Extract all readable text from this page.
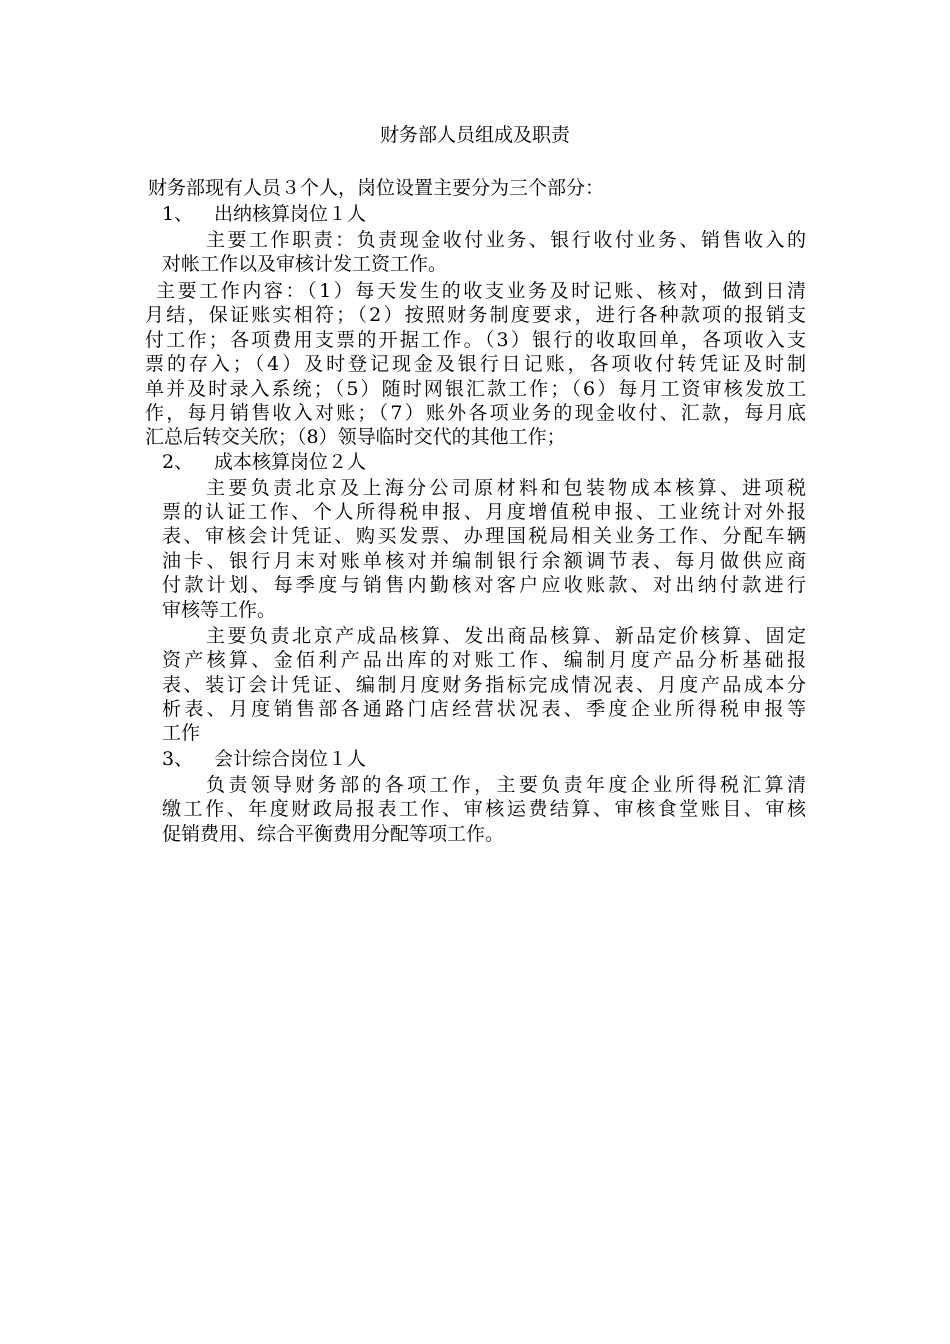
财务部人员组成及职责
财务部现有人员３个人，岗位设置主要分为三个部分：
1、 出纳核算岗位１人
主要工作职责：负责现金收付业务、银行收付业务、销售收入的
对帐工作以及审核计发工资工作。
主要工作内容：（1）每天发生的收支业务及时记账、核对，做到日清
月结，保证账实相符；（2）按照财务制度要求，进行各种款项的报销支
付工作；各项费用支票的开据工作。（3）银行的收取回单，各项收入支
票的存入；（4）及时登记现金及银行日记账，各项收付转凭证及时制
单并及时录入系统；（5）随时网银汇款工作；（6）每月工资审核发放工
作，每月销售收入对账；（7）账外各项业务的现金收付、汇款，每月底
汇总后转交关欣；（8）领导临时交代的其他工作；
2、 成本核算岗位２人
主要负责北京及上海分公司原材料和包装物成本核算、进项税
票的认证工作、个人所得税申报、月度增值税申报、工业统计对外报
表、审核会计凭证、购买发票、办理国税局相关业务工作、分配车辆
油卡、银行月末对账单核对并编制银行余额调节表、每月做供应商
付款计划、每季度与销售内勤核对客户应收账款、对出纳付款进行
审核等工作。
主要负责北京产成品核算、发出商品核算、新品定价核算、固定
资产核算、金佰利产品出库的对账工作、编制月度产品分析基础报
表、装订会计凭证、编制月度财务指标完成情况表、月度产品成本分
析表、月度销售部各通路门店经营状况表、季度企业所得税申报等
工作
3、 会计综合岗位１人
负责领导财务部的各项工作，主要负责年度企业所得税汇算清
缴工作、年度财政局报表工作、审核运费结算、审核食堂账目、审核
促销费用、综合平衡费用分配等项工作。
